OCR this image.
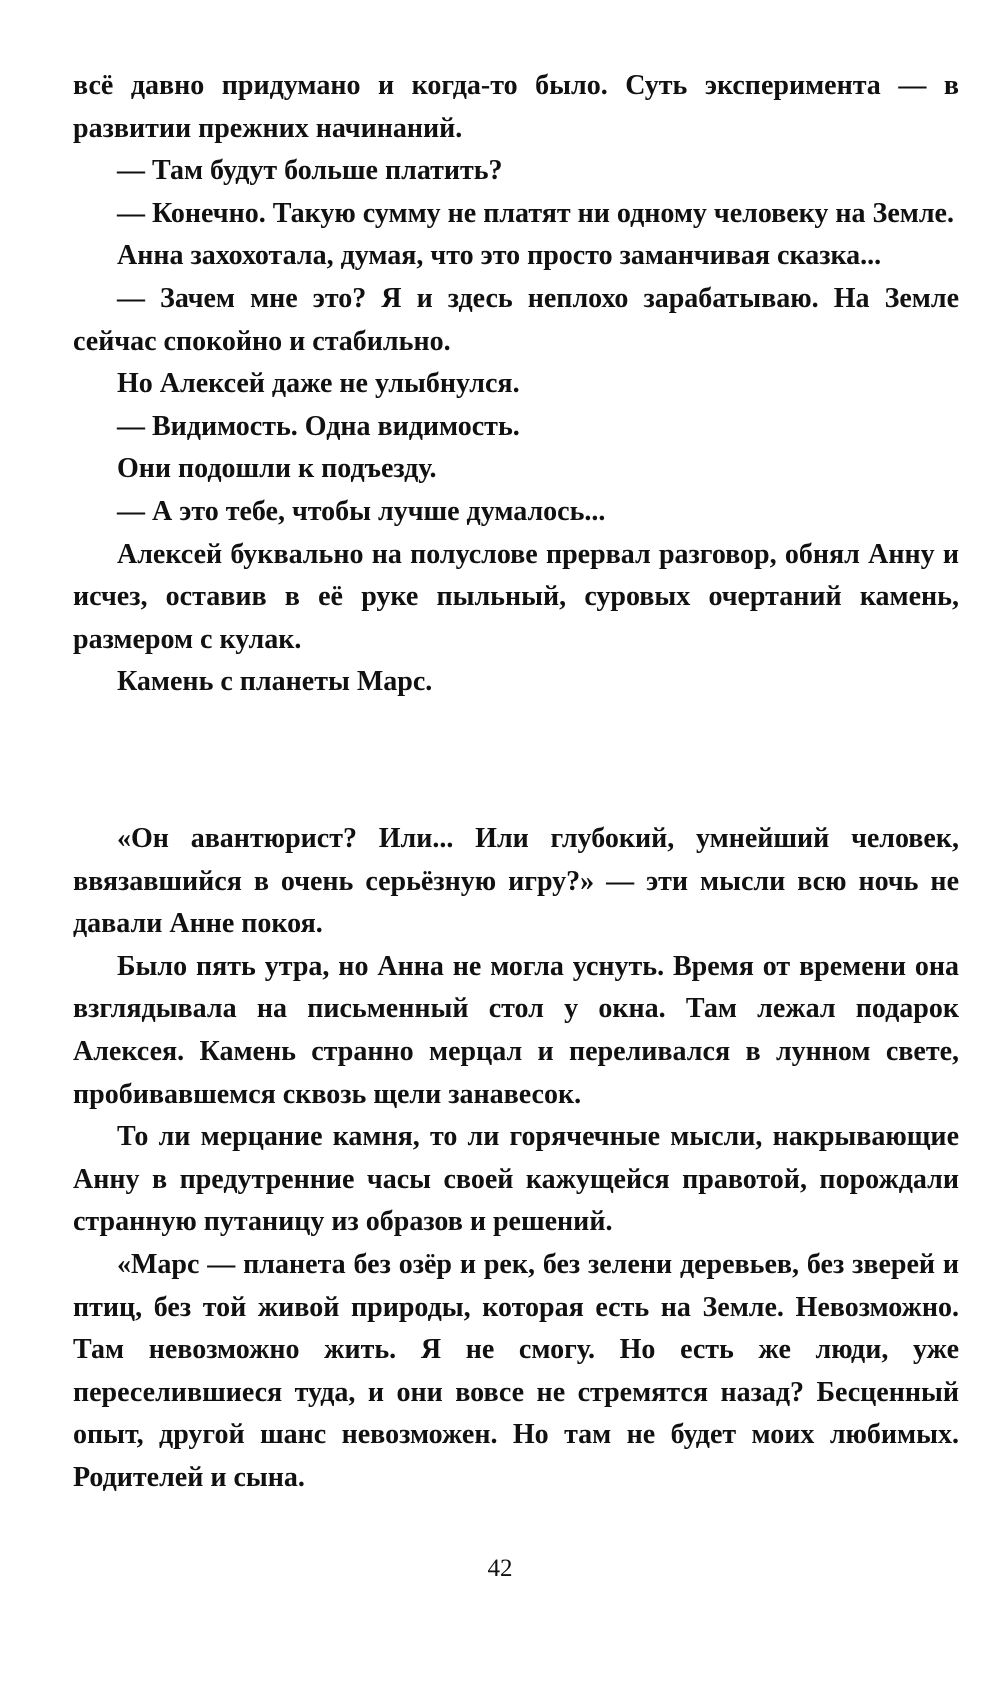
всё давно придумано и когда-то было. Суть эксперимента — в развитии прежних начинаний.

— Там будут больше платить?

— Конечно. Такую сумму не платят ни одному человеку на Земле.

Анна захохотала, думая, что это просто заманчивая сказка...

— Зачем мне это? Я и здесь неплохо зарабатываю. На Земле сейчас спокойно и стабильно.

Но Алексей даже не улыбнулся.

— Видимость. Одна видимость.

Они подошли к подъезду.

— А это тебе, чтобы лучше думалось...

Алексей буквально на полуслове прервал разговор, обнял Анну и исчез, оставив в её руке пыльный, суровых очертаний камень, размером с кулак.

Камень с планеты Марс.

«Он авантюрист? Или... Или глубокий, умнейший человек, ввязавшийся в очень серьёзную игру?» — эти мысли всю ночь не давали Анне покоя.

Было пять утра, но Анна не могла уснуть. Время от времени она взглядывала на письменный стол у окна. Там лежал подарок Алексея. Камень странно мерцал и переливался в лунном свете, пробивавшемся сквозь щели занавесок.

То ли мерцание камня, то ли горячечные мысли, накрывающие Анну в предутренние часы своей кажущейся правотой, порождали странную путаницу из образов и решений.

«Марс — планета без озёр и рек, без зелени деревьев, без зверей и птиц, без той живой природы, которая есть на Земле. Невозможно. Там невозможно жить. Я не смогу. Но есть же люди, уже переселившиеся туда, и они вовсе не стремятся назад? Бесценный опыт, другой шанс невозможен. Но там не будет моих любимых. Родителей и сына.

42
